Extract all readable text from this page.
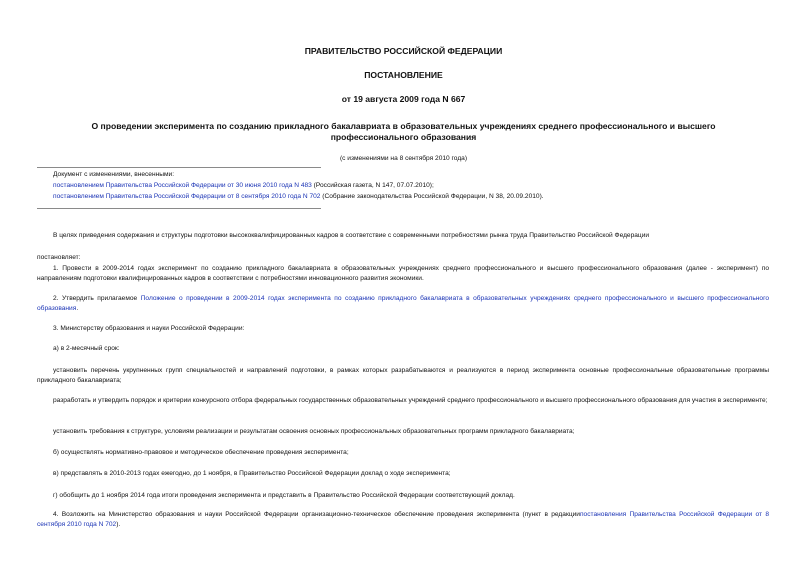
ПРАВИТЕЛЬСТВО РОССИЙСКОЙ ФЕДЕРАЦИИ
ПОСТАНОВЛЕНИЕ
от 19 августа 2009 года N 667
О проведении эксперимента по созданию прикладного бакалавриата в образовательных учреждениях среднего профессионального и высшего профессионального образования
(с изменениями на 8 сентября 2010 года)
Документ с изменениями, внесенными:
постановлением Правительства Российской Федерации от 30 июня 2010 года N 483 (Российская газета, N 147, 07.07.2010);
постановлением Правительства Российской Федерации от 8 сентября 2010 года N 702 (Собрание законодательства Российской Федерации, N 38, 20.09.2010).
В целях приведения содержания и структуры подготовки высококвалифицированных кадров в соответствие с современными потребностями рынка труда Правительство Российской Федерации
постановляет:
1. Провести в 2009-2014 годах эксперимент по созданию прикладного бакалавриата в образовательных учреждениях среднего профессионального и высшего профессионального образования (далее - эксперимент) по направлениям подготовки квалифицированных кадров в соответствии с потребностями инновационного развития экономики.
2. Утвердить прилагаемое Положение о проведении в 2009-2014 годах эксперимента по созданию прикладного бакалавриата в образовательных учреждениях среднего профессионального и высшего профессионального образования.
3. Министерству образования и науки Российской Федерации:
а) в 2-месячный срок:
установить перечень укрупненных групп специальностей и направлений подготовки, в рамках которых разрабатываются и реализуются в период эксперимента основные профессиональные образовательные программы прикладного бакалавриата;
разработать и утвердить порядок и критерии конкурсного отбора федеральных государственных образовательных учреждений среднего профессионального и высшего профессионального образования для участия в эксперименте;
установить требования к структуре, условиям реализации и результатам освоения основных профессиональных образовательных программ прикладного бакалавриата;
б) осуществлять нормативно-правовое и методическое обеспечение проведения эксперимента;
в) представлять в 2010-2013 годах ежегодно, до 1 ноября, в Правительство Российской Федерации доклад о ходе эксперимента;
г) обобщить до 1 ноября 2014 года итоги проведения эксперимента и представить в Правительство Российской Федерации соответствующий доклад.
4. Возложить на Министерство образования и науки Российской Федерации организационно-техническое обеспечение проведения эксперимента (пункт в редакциипостановления Правительства Российской Федерации от 8 сентября 2010 года N 702).
